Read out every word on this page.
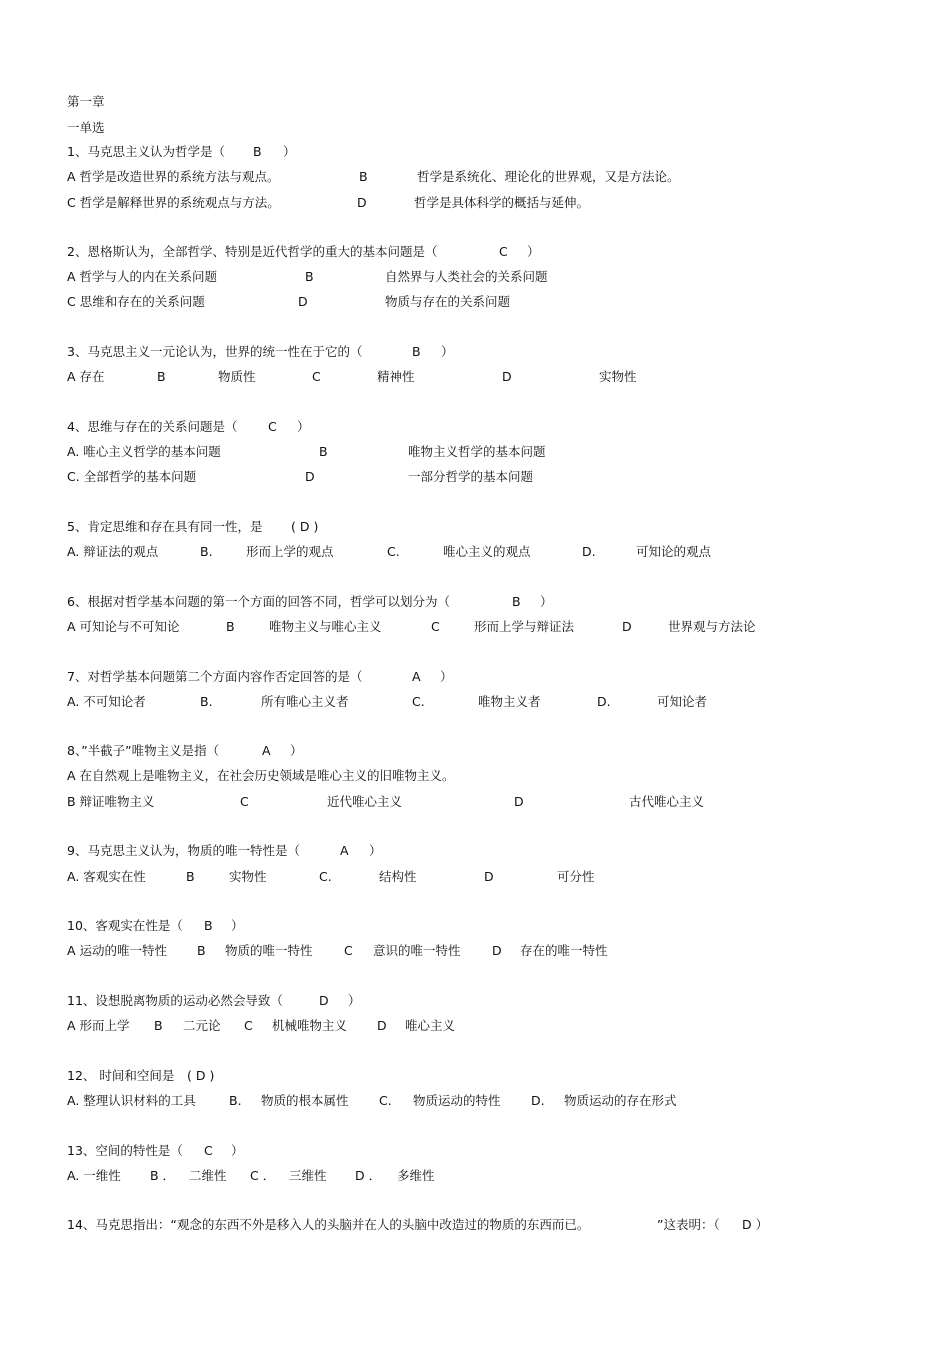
第一章
一单选
1、马克思主义认为哲学是（ B ）
A 哲学是改造世界的系统方法与观点。	B	哲学是系统化、理论化的世界观，又是方法论。
C 哲学是解释世界的系统观点与方法。	D	哲学是具体科学的概括与延伸。
2、恩格斯认为，全部哲学、特别是近代哲学的重大的基本问题是（	C ）
A 哲学与人的内在关系问题	B	自然界与人类社会的关系问题
C 思维和存在的关系问题	D	物质与存在的关系问题
3、马克思主义一元论认为，世界的统一性在于它的（	B ）
A 存在	B	物质性	C	精神性	D	实物性
4、思维与存在的关系问题是（ C ）
A. 唯心主义哲学的基本问题	B	唯物主义哲学的基本问题
C. 全部哲学的基本问题	D	一部分哲学的基本问题
5、肯定思维和存在具有同一性，是 ( D )
A. 辩证法的观点	B.	形而上学的观点	C.	唯心主义的观点	D.	可知论的观点
6、根据对哲学基本问题的第一个方面的回答不同，哲学可以划分为（	B ）
A 可知论与不可知论	B	唯物主义与唯心主义	C	形而上学与辩证法	D	世界观与方法论
7、对哲学基本问题第二个方面内容作否定回答的是（	A ）
A. 不可知论者	B.	所有唯心主义者	C.	唯物主义者	D.	可知论者
8、”半截子”唯物主义是指（	A ）
A 在自然观上是唯物主义，在社会历史领域是唯心主义的旧唯物主义。
B 辩证唯物主义	C	近代唯心主义	D	古代唯心主义
9、马克思主义认为，物质的唯一特性是（	A ）
A. 客观实在性	B	实物性	C.	结构性	D	可分性
10、客观实在性是（ B ）
A 运动的唯一特性 B 物质的唯一特性	C 意识的唯一特性	D 存在的唯一特性
11、设想脱离物质的运动必然会导致（	D ）
A 形而上学 B 二元论 C 机械唯物主义 D 唯心主义
12、 时间和空间是 ( D )
A. 整理认识材料的工具	B. 物质的根本属性 C. 物质运动的特性 D. 物质运动的存在形式
13、空间的特性是（ C ）
A. 一维性 B ． 二维性 C ． 三维性 D ． 多维性
14、马克思指出：“观念的东西不外是移入人的头脑并在人的头脑中改造过的物质的东西而已。	”这表明：（ D ）
